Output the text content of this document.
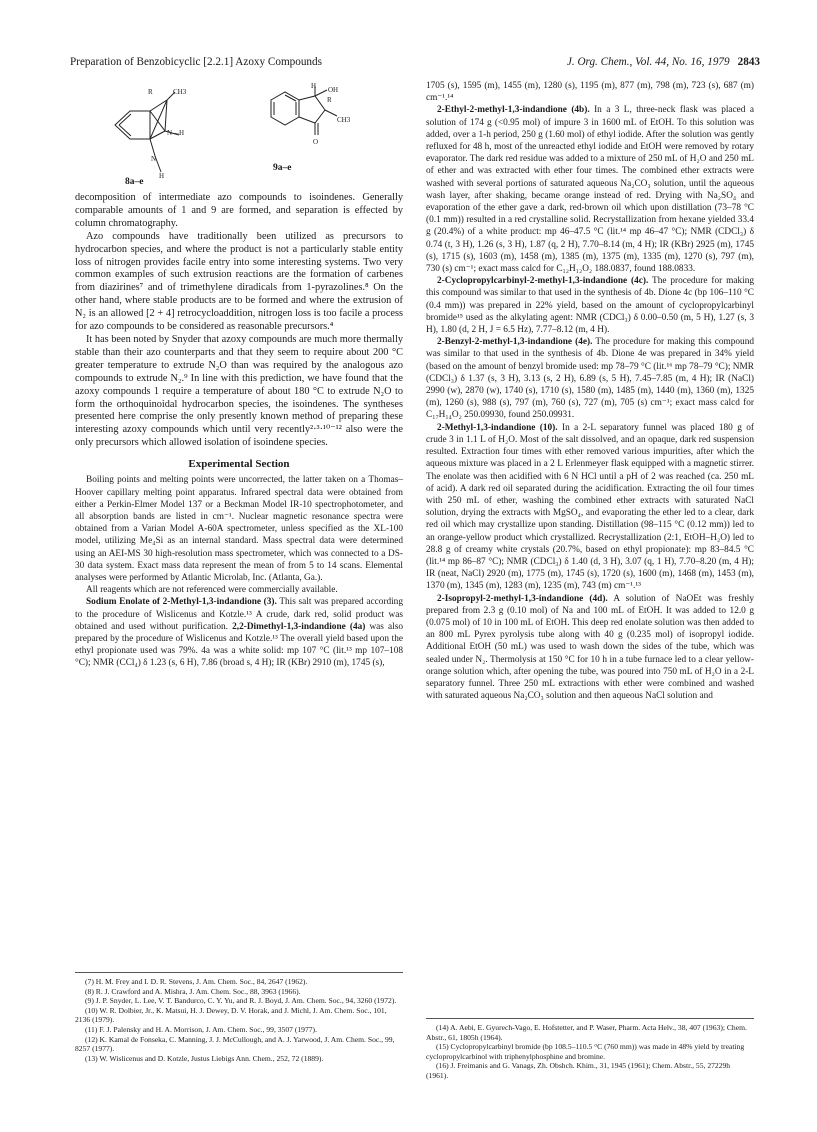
Preparation of Benzobicyclic [2.2.1] Azoxy Compounds	J. Org. Chem., Vol. 44, No. 16, 1979 2843
R	CH3
N—H
N
H
8a–e
H OH
R
CH3
O
9a–e

decomposition of intermediate azo compounds to isoindenes. Generally comparable amounts of 1 and 9 are formed, and separation is effected by column chromatography.

Azo compounds have traditionally been utilized as precursors to hydrocarbon species, and where the product is not a particularly stable entity loss of nitrogen provides facile entry into some interesting systems. Two very common examples of such extrusion reactions are the formation of carbenes from diazirines⁷ and of trimethylene diradicals from 1-pyrazolines.⁸ On the other hand, where stable products are to be formed and where the extrusion of N₂ is an allowed [2 + 4] retrocycloaddition, nitrogen loss is too facile a process for azo compounds to be considered as reasonable precursors.⁴

It has been noted by Snyder that azoxy compounds are much more thermally stable than their azo counterparts and that they seem to require about 200 °C greater temperature to extrude N₂O than was required by the analogous azo compounds to extrude N₂.⁹ In line with this prediction, we have found that the azoxy compounds 1 require a temperature of about 180 °C to extrude N₂O to form the orthoquinoidal hydrocarbon species, the isoindenes. The syntheses presented here comprise the only presently known method of preparing these interesting azoxy compounds which until very recently²·³·¹⁰⁻¹² also were the only precursors which allowed isolation of isoindene species.

Experimental Section

Boiling points and melting points were uncorrected, the latter taken on a Thomas–Hoover capillary melting point apparatus. Infrared spectral data were obtained from either a Perkin-Elmer Model 137 or a Beckman Model IR-10 spectrophotometer, and all absorption bands are listed in cm⁻¹. Nuclear magnetic resonance spectra were obtained from a Varian Model A-60A spectrometer, unless specified as the XL-100 model, utilizing Me₄Si as an internal standard. Mass spectral data were determined using an AEI-MS 30 high-resolution mass spectrometer, which was connected to a DS-30 data system. Exact mass data represent the mean of from 5 to 14 scans. Elemental analyses were performed by Atlantic Microlab, Inc. (Atlanta, Ga.).

All reagents which are not referenced were commercially available.

Sodium Enolate of 2-Methyl-1,3-indandione (3). This salt was prepared according to the procedure of Wislicenus and Kotzle.¹³ A crude, dark red, solid product was obtained and used without purification. 2,2-Dimethyl-1,3-indandione (4a) was also prepared by the procedure of Wislicenus and Kotzle.¹³ The overall yield based upon the ethyl propionate used was 79%. 4a was a white solid: mp 107 °C (lit.¹³ mp 107–108 °C); NMR (CCl₄) δ 1.23 (s, 6 H), 7.86 (broad s, 4 H); IR (KBr) 2910 (m), 1745 (s),

1705 (s), 1595 (m), 1455 (m), 1280 (s), 1195 (m), 877 (m), 798 (m), 723 (s), 687 (m) cm⁻¹.¹⁴

2-Ethyl-2-methyl-1,3-indandione (4b). In a 3 L, three-neck flask was placed a solution of 174 g (<0.95 mol) of impure 3 in 1600 mL of EtOH. To this solution was added, over a 1-h period, 250 g (1.60 mol) of ethyl iodide. After the solution was gently refluxed for 48 h, most of the unreacted ethyl iodide and EtOH were removed by rotary evaporator. The dark red residue was added to a mixture of 250 mL of H₂O and 250 mL of ether and was extracted with ether four times. The combined ether extracts were washed with several portions of saturated aqueous Na₂CO₃ solution, until the aqueous wash layer, after shaking, became orange instead of red. Drying with Na₂SO₄ and evaporation of the ether gave a dark, red-brown oil which upon distillation (73–78 °C (0.1 mm)) resulted in a red crystalline solid. Recrystallization from hexane yielded 33.4 g (20.4%) of a white product: mp 46–47.5 °C (lit.¹⁴ mp 46–47 °C); NMR (CDCl₃) δ 0.74 (t, 3 H), 1.26 (s, 3 H), 1.87 (q, 2 H), 7.70–8.14 (m, 4 H); IR (KBr) 2925 (m), 1745 (s), 1715 (s), 1603 (m), 1458 (m), 1385 (m), 1375 (m), 1335 (m), 1270 (s), 797 (m), 730 (s) cm⁻¹; exact mass calcd for C₁₂H₁₂O₂ 188.0837, found 188.0833.

2-Cyclopropylcarbinyl-2-methyl-1,3-indandione (4c). The procedure for making this compound was similar to that used in the synthesis of 4b. Dione 4c (bp 106–110 °C (0.4 mm)) was prepared in 22% yield, based on the amount of cyclopropylcarbinyl bromide¹⁵ used as the alkylating agent: NMR (CDCl₃) δ 0.00–0.50 (m, 5 H), 1.27 (s, 3 H), 1.80 (d, 2 H, J = 6.5 Hz), 7.77–8.12 (m, 4 H).

2-Benzyl-2-methyl-1,3-indandione (4e). The procedure for making this compound was similar to that used in the synthesis of 4b. Dione 4e was prepared in 34% yield (based on the amount of benzyl bromide used: mp 78–79 °C (lit.¹⁶ mp 78–79 °C); NMR (CDCl₃) δ 1.37 (s, 3 H), 3.13 (s, 2 H), 6.89 (s, 5 H), 7.45–7.85 (m, 4 H); IR (NaCl) 2990 (w), 2870 (w), 1740 (s), 1710 (s), 1580 (m), 1485 (m), 1440 (m), 1360 (m), 1325 (m), 1260 (s), 988 (s), 797 (m), 760 (s), 727 (m), 705 (s) cm⁻¹; exact mass calcd for C₁₇H₁₄O₂ 250.09930, found 250.09931.

2-Methyl-1,3-indandione (10). In a 2-L separatory funnel was placed 180 g of crude 3 in 1.1 L of H₂O. Most of the salt dissolved, and an opaque, dark red suspension resulted. Extraction four times with ether removed various impurities, after which the aqueous mixture was placed in a 2 L Erlenmeyer flask equipped with a magnetic stirrer. The enolate was then acidified with 6 N HCl until a pH of 2 was reached (ca. 250 mL of acid). A dark red oil separated during the acidification. Extracting the oil four times with 250 mL of ether, washing the combined ether extracts with saturated NaCl solution, drying the extracts with MgSO₄, and evaporating the ether led to a clear, dark red oil which may crystallize upon standing. Distillation (98–115 °C (0.12 mm)) led to an orange-yellow product which crystallized. Recrystallization (2:1, EtOH–H₂O) led to 28.8 g of creamy white crystals (20.7%, based on ethyl propionate): mp 83–84.5 °C (lit.¹⁴ mp 86–87 °C); NMR (CDCl₃) δ 1.40 (d, 3 H), 3.07 (q, 1 H), 7.70–8.20 (m, 4 H); IR (neat, NaCl) 2920 (m), 1775 (m), 1745 (s), 1720 (s), 1600 (m), 1468 (m), 1453 (m), 1370 (m), 1345 (m), 1283 (m), 1235 (m), 743 (m) cm⁻¹.¹³

2-Isopropyl-2-methyl-1,3-indandione (4d). A solution of NaOEt was freshly prepared from 2.3 g (0.10 mol) of Na and 100 mL of EtOH. It was added to 12.0 g (0.075 mol) of 10 in 100 mL of EtOH. This deep red enolate solution was then added to an 800 mL Pyrex pyrolysis tube along with 40 g (0.235 mol) of isopropyl iodide. Additional EtOH (50 mL) was used to wash down the sides of the tube, which was sealed under N₂. Thermolysis at 150 °C for 10 h in a tube furnace led to a clear yellow-orange solution which, after opening the tube, was poured into 750 mL of H₂O in a 2-L separatory funnel. Three 250 mL extractions with ether were combined and washed with saturated aqueous Na₂CO₃ solution and then aqueous NaCl solution and

(7) H. M. Frey and I. D. R. Stevens, J. Am. Chem. Soc., 84, 2647 (1962).
(8) R. J. Crawford and A. Mishra, J. Am. Chem. Soc., 88, 3963 (1966).
(9) J. P. Snyder, L. Lee, V. T. Bandurco, C. Y. Yu, and R. J. Boyd, J. Am. Chem. Soc., 94, 3260 (1972).
(10) W. R. Dolbier, Jr., K. Matsui, H. J. Dewey, D. V. Horak, and J. Michl, J. Am. Chem. Soc., 101, 2136 (1979).
(11) F. J. Palensky and H. A. Morrison, J. Am. Chem. Soc., 99, 3507 (1977).
(12) K. Kamal de Fonseka, C. Manning, J. J. McCullough, and A. J. Yarwood, J. Am. Chem. Soc., 99, 8257 (1977).
(13) W. Wislicenus and D. Kotzle, Justus Liebigs Ann. Chem., 252, 72 (1889).
(14) A. Aebi, E. Gyurech-Vago, E. Hofstetter, and P. Waser, Pharm. Acta Helv., 38, 407 (1963); Chem. Abstr., 61, 1805h (1964).
(15) Cyclopropylcarbinyl bromide (bp 108.5–110.5 °C (760 mm)) was made in 48% yield by treating cyclopropylcarbinol with triphenylphosphine and bromine.
(16) J. Freimanis and G. Vanags, Zh. Obshch. Khim., 31, 1945 (1961); Chem. Abstr., 55, 27229h (1961).
